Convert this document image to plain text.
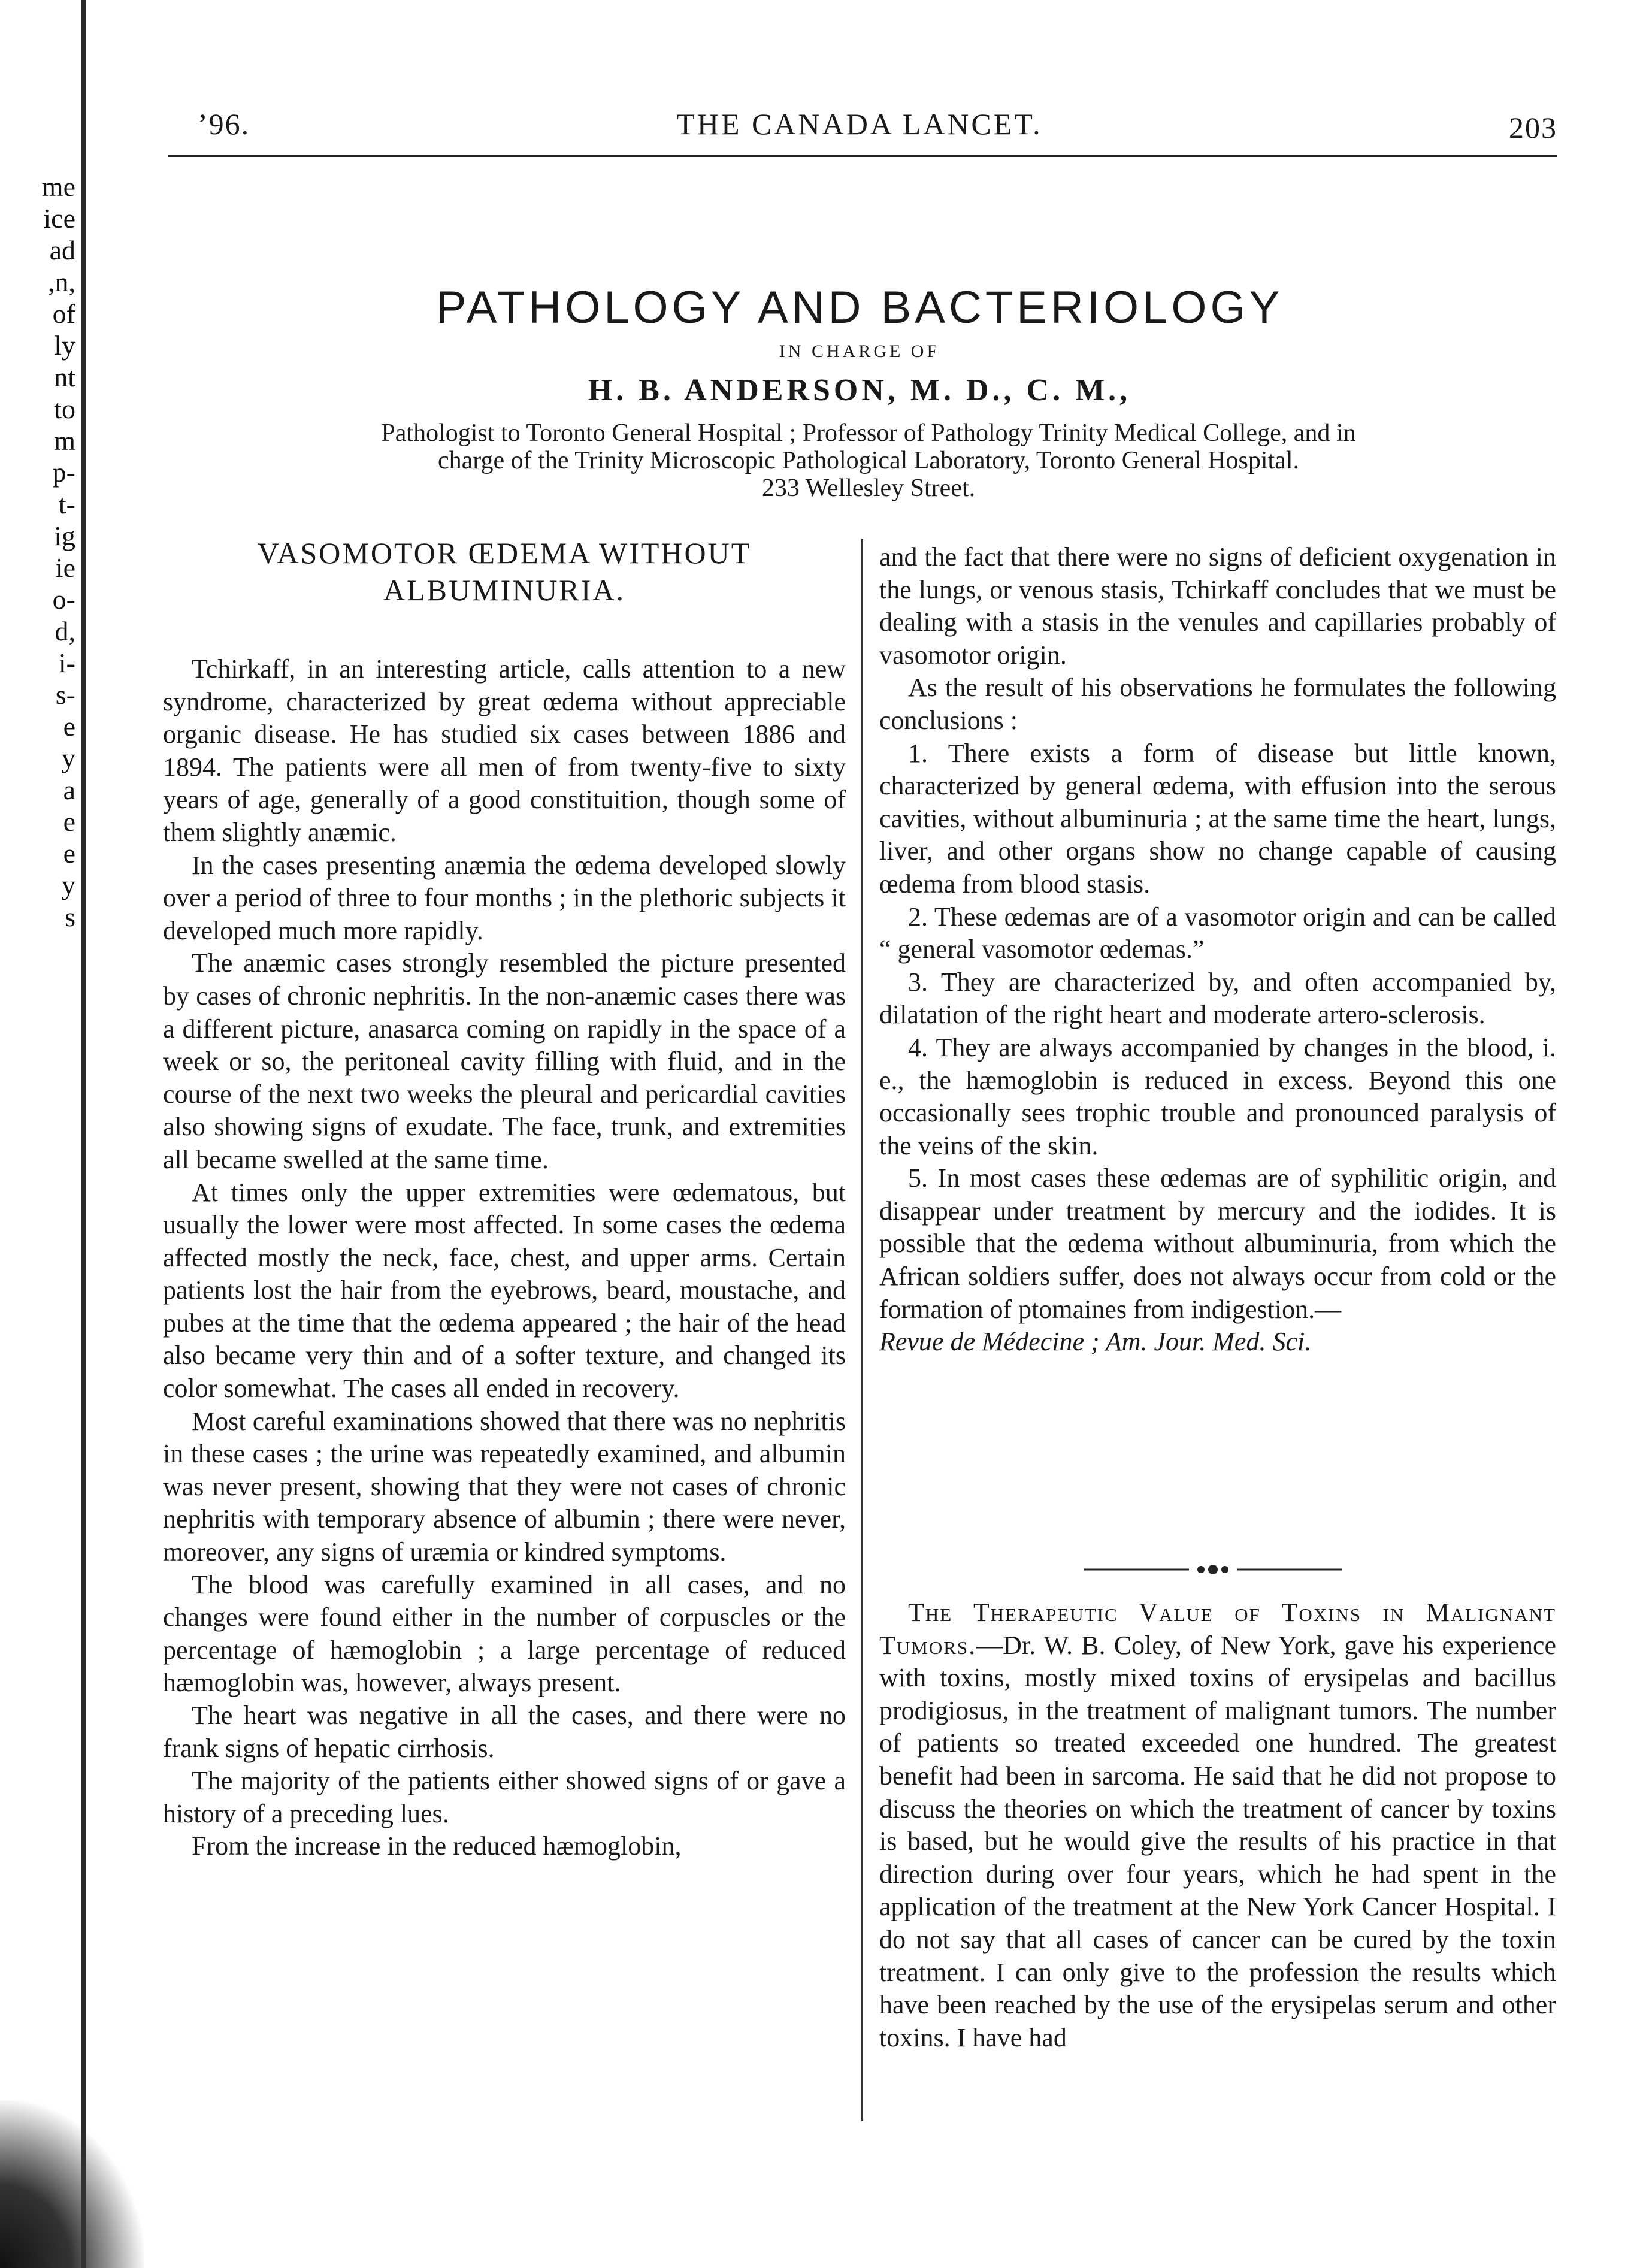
me
ice
ad
,n,
of
ly
nt
to
m
p-
t-
ig
ie
o-
d,
i-
s-
e
y
a
e
e
y
s
’96.	THE CANADA LANCET.	203
PATHOLOGY AND BACTERIOLOGY
IN CHARGE OF
H. B. ANDERSON, M. D., C. M.,
Pathologist to Toronto General Hospital ; Professor of Pathology Trinity Medical College, and in
charge of the Trinity Microscopic Pathological Laboratory, Toronto General Hospital.
233 Wellesley Street.
VASOMOTOR ŒDEMA WITHOUT
ALBUMINURIA.

Tchirkaff, in an interesting article, calls attention to a new syndrome, characterized by great œdema without appreciable organic disease. He has studied six cases between 1886 and 1894. The patients were all men of from twenty-five to sixty years of age, generally of a good constituition, though some of them slightly anæmic.

In the cases presenting anæmia the œdema developed slowly over a period of three to four months ; in the plethoric subjects it developed much more rapidly.

The anæmic cases strongly resembled the picture presented by cases of chronic nephritis. In the non-anæmic cases there was a different picture, anasarca coming on rapidly in the space of a week or so, the peritoneal cavity filling with fluid, and in the course of the next two weeks the pleural and pericardial cavities also showing signs of exudate. The face, trunk, and extremities all became swelled at the same time.

At times only the upper extremities were œdematous, but usually the lower were most affected. In some cases the œdema affected mostly the neck, face, chest, and upper arms. Certain patients lost the hair from the eyebrows, beard, moustache, and pubes at the time that the œdema appeared ; the hair of the head also became very thin and of a softer texture, and changed its color somewhat. The cases all ended in recovery.

Most careful examinations showed that there was no nephritis in these cases ; the urine was repeatedly examined, and albumin was never present, showing that they were not cases of chronic nephritis with temporary absence of albumin ; there were never, moreover, any signs of uræmia or kindred symptoms.

The blood was carefully examined in all cases, and no changes were found either in the number of corpuscles or the percentage of hæmoglobin ; a large percentage of reduced hæmoglobin was, however, always present.

The heart was negative in all the cases, and there were no frank signs of hepatic cirrhosis.

The majority of the patients either showed signs of or gave a history of a preceding lues.

From the increase in the reduced hæmoglobin,

and the fact that there were no signs of deficient oxygenation in the lungs, or venous stasis, Tchirkaff concludes that we must be dealing with a stasis in the venules and capillaries probably of vasomotor origin.

As the result of his observations he formulates the following conclusions :

1. There exists a form of disease but little known, characterized by general œdema, with effusion into the serous cavities, without albuminuria ; at the same time the heart, lungs, liver, and other organs show no change capable of causing œdema from blood stasis.

2. These œdemas are of a vasomotor origin and can be called “ general vasomotor œdemas.”

3. They are characterized by, and often accompanied by, dilatation of the right heart and moderate artero-sclerosis.

4. They are always accompanied by changes in the blood, i. e., the hæmoglobin is reduced in excess. Beyond this one occasionally sees trophic trouble and pronounced paralysis of the veins of the skin.

5. In most cases these œdemas are of syphilitic origin, and disappear under treatment by mercury and the iodides. It is possible that the œdema without albuminuria, from which the African soldiers suffer, does not always occur from cold or the formation of ptomaines from indigestion.—

Revue de Médecine ; Am. Jour. Med. Sci.

The Therapeutic Value of Toxins in Malignant Tumors.—Dr. W. B. Coley, of New York, gave his experience with toxins, mostly mixed toxins of erysipelas and bacillus prodigiosus, in the treatment of malignant tumors. The number of patients so treated exceeded one hundred. The greatest benefit had been in sarcoma. He said that he did not propose to discuss the theories on which the treatment of cancer by toxins is based, but he would give the results of his practice in that direction during over four years, which he had spent in the application of the treatment at the New York Cancer Hospital. I do not say that all cases of cancer can be cured by the toxin treatment. I can only give to the profession the results which have been reached by the use of the erysipelas serum and other toxins. I have had
